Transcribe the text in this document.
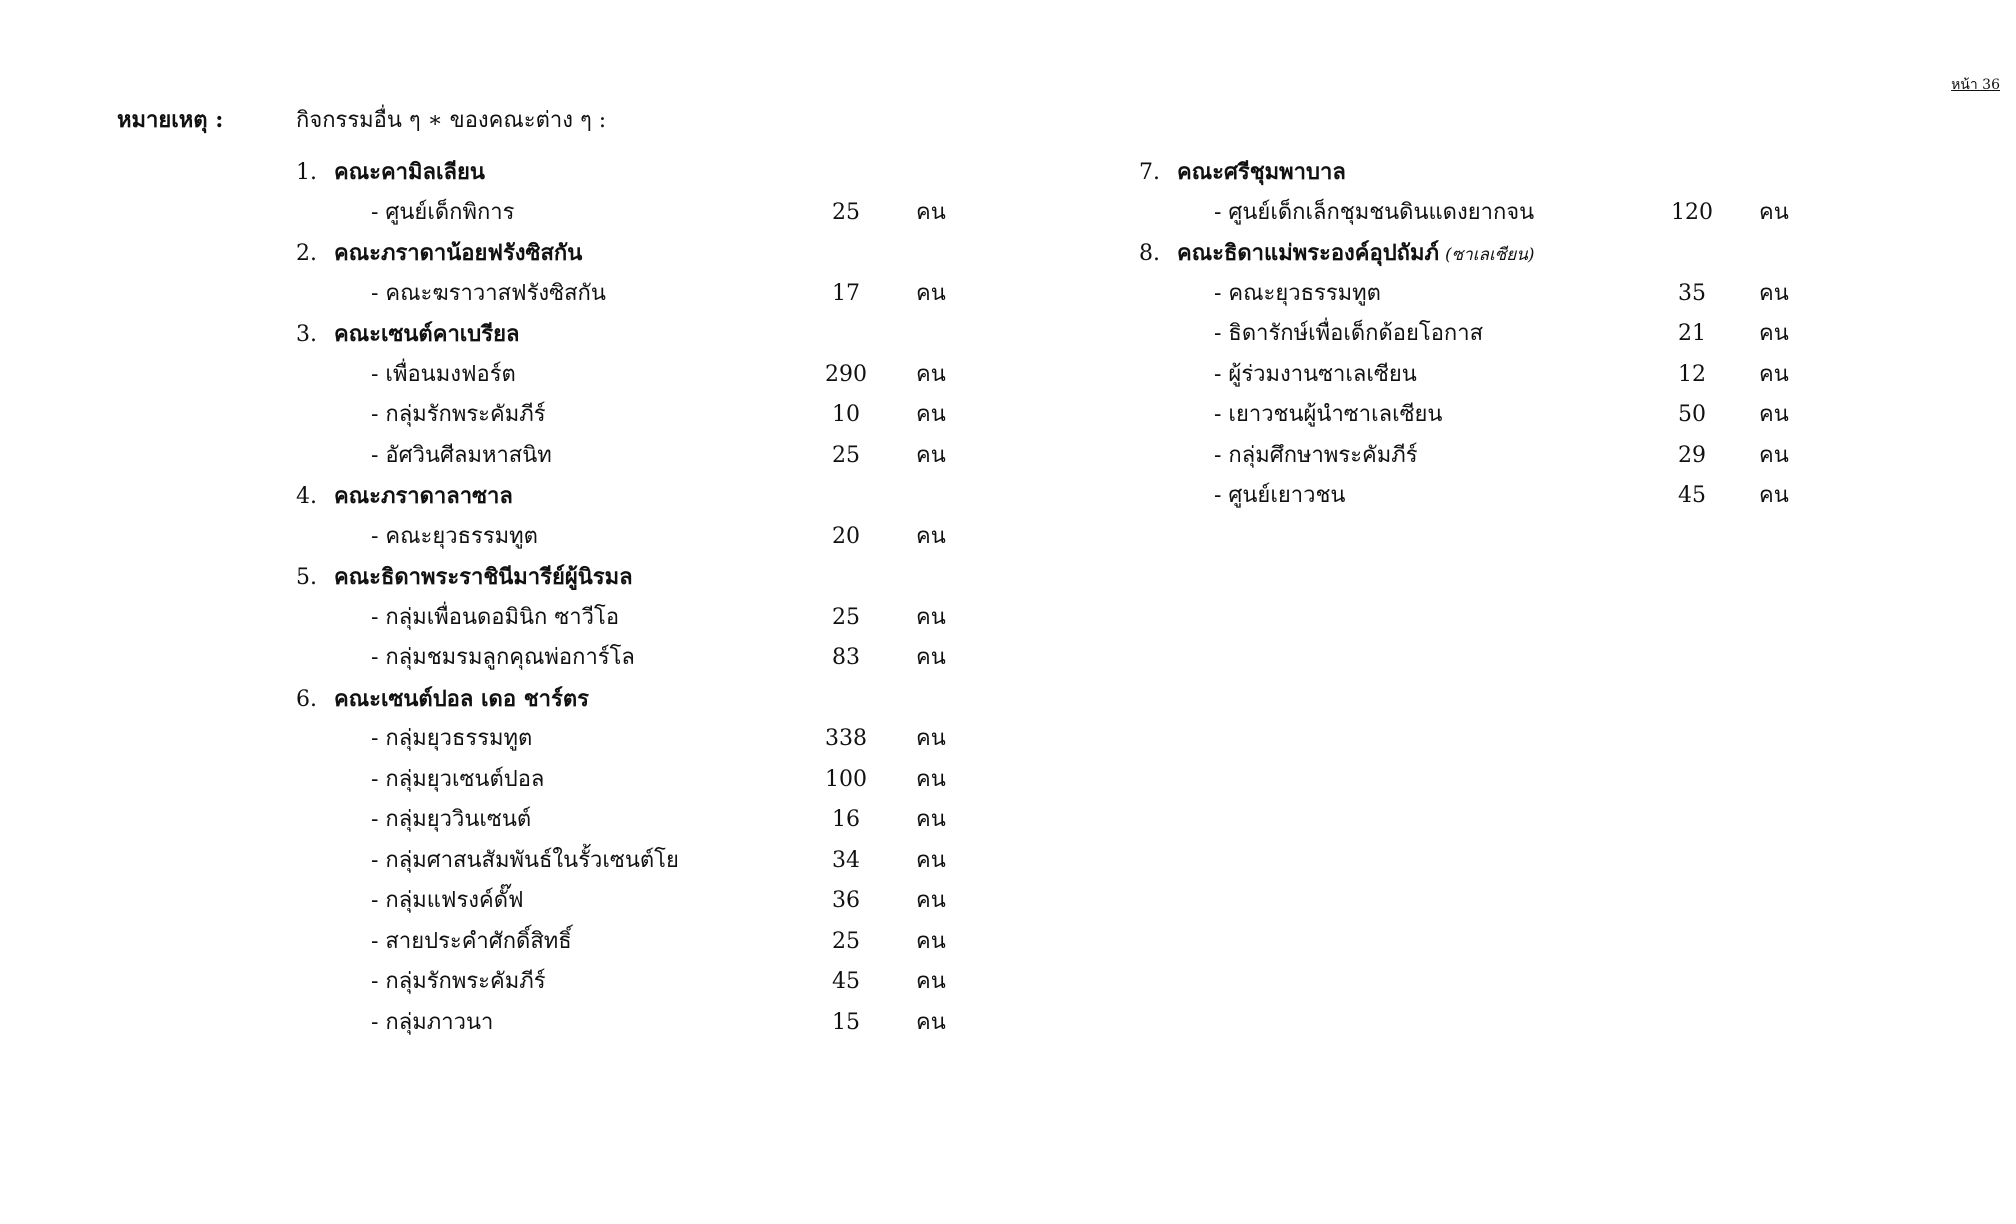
หน้า 36
หมายเหตุ :	กิจกรรมอื่น ๆ ∗ ของคณะต่าง ๆ :
1. คณะคามิลเลียน
- ศูนย์เด็กพิการ	25	คน
2. คณะภราดาน้อยฟรังซิสกัน
- คณะฆราวาสฟรังซิสกัน	17	คน
3. คณะเซนต์คาเบรียล
- เพื่อนมงฟอร์ต	290	คน
- กลุ่มรักพระคัมภีร์	10	คน
- อัศวินศีลมหาสนิท	25	คน
4. คณะภราดาลาซาล
- คณะยุวธรรมทูต	20	คน
5. คณะธิดาพระราชินีมารีย์ผู้นิรมล
- กลุ่มเพื่อนดอมินิก ซาวีโอ	25	คน
- กลุ่มชมรมลูกคุณพ่อการ์โล	83	คน
6. คณะเซนต์ปอล เดอ ชาร์ตร
- กลุ่มยุวธรรมทูต	338	คน
- กลุ่มยุวเซนต์ปอล	100	คน
- กลุ่มยุววินเซนต์	16	คน
- กลุ่มศาสนสัมพันธ์ในรั้วเซนต์โย	34	คน
- กลุ่มแฟรงค์ดั๊ฟ	36	คน
- สายประคำศักดิ์สิทธิ์	25	คน
- กลุ่มรักพระคัมภีร์	45	คน
- กลุ่มภาวนา	15	คน
7. คณะศรีชุมพาบาล
- ศูนย์เด็กเล็กชุมชนดินแดงยากจน	120	คน
8. คณะธิดาแม่พระองค์อุปถัมภ์ (ซาเลเซียน)
- คณะยุวธรรมทูต	35	คน
- ธิดารักษ์เพื่อเด็กด้อยโอกาส	21	คน
- ผู้ร่วมงานซาเลเซียน	12	คน
- เยาวชนผู้นำซาเลเซียน	50	คน
- กลุ่มศึกษาพระคัมภีร์	29	คน
- ศูนย์เยาวชน	45	คน
